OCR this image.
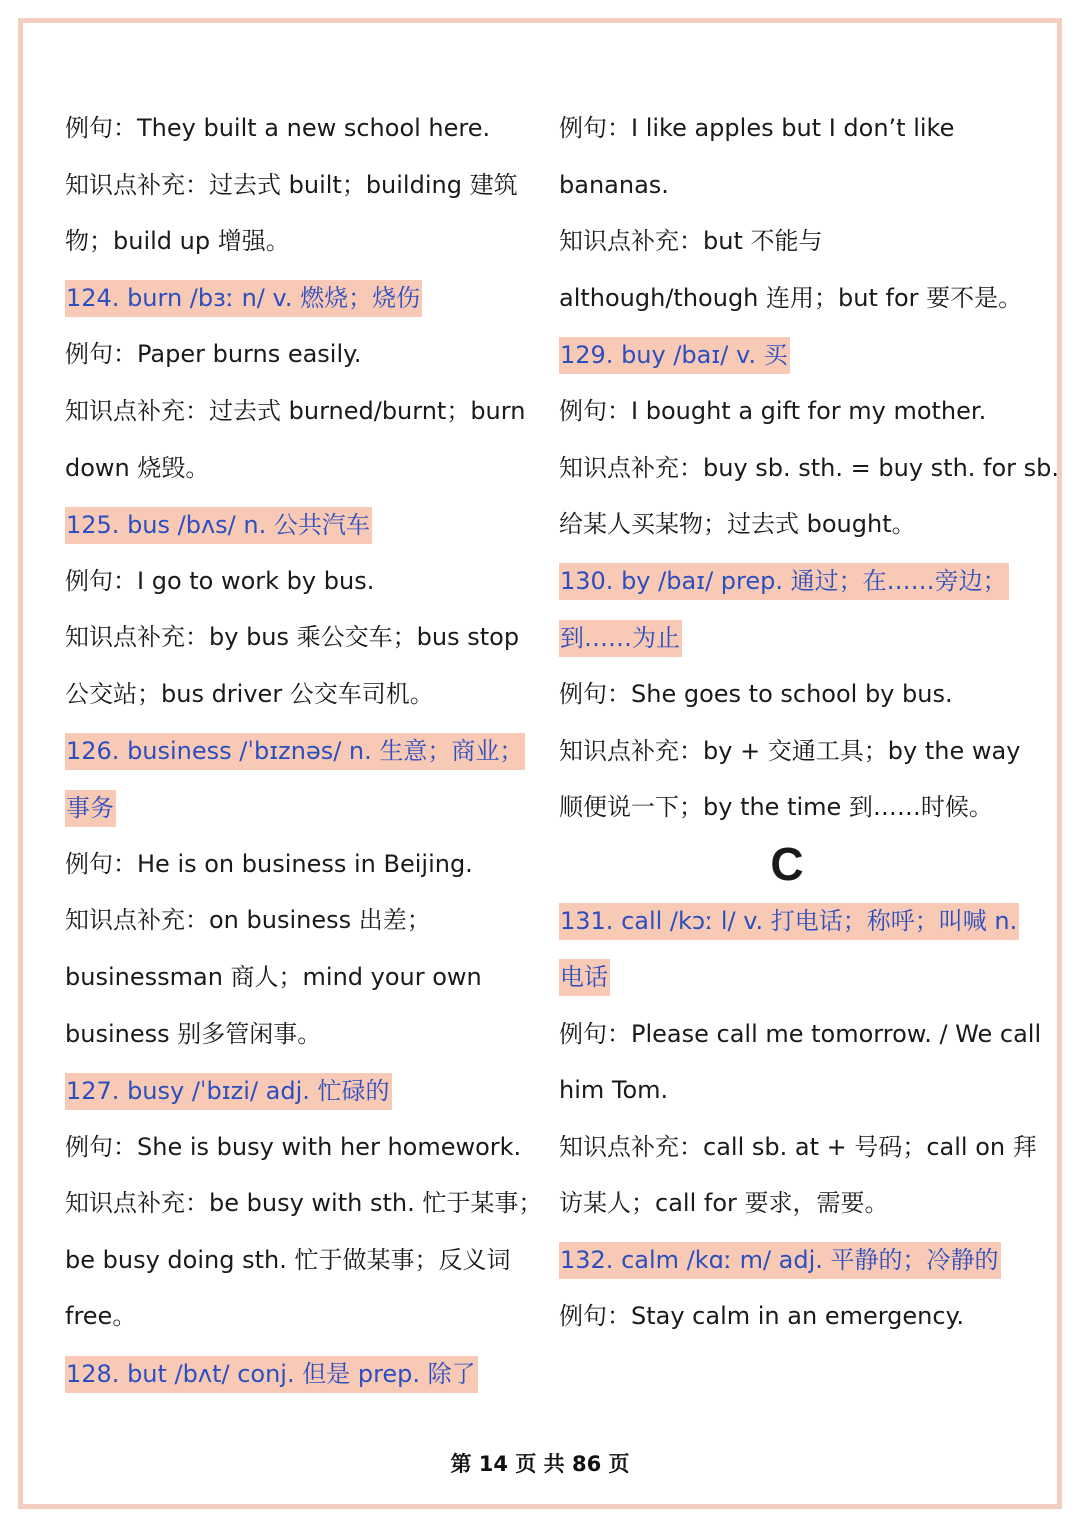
例句：They built a new school here.
知识点补充：过去式 built；building 建筑
物；build up 增强。
124. burn /bɜː n/ v. 燃烧；烧伤
例句：Paper burns easily.
知识点补充：过去式 burned/burnt；burn
down 烧毁。
125. bus /bʌs/ n. 公共汽车
例句：I go to work by bus.
知识点补充：by bus 乘公交车；bus stop
公交站；bus driver 公交车司机。
126. business /ˈbɪznəs/ n. 生意；商业；
事务
例句：He is on business in Beijing.
知识点补充：on business 出差；
businessman 商人；mind your own
business 别多管闲事。
127. busy /ˈbɪzi/ adj. 忙碌的
例句：She is busy with her homework.
知识点补充：be busy with sth. 忙于某事；
be busy doing sth. 忙于做某事；反义词
free。
128. but /bʌt/ conj. 但是 prep. 除了
例句：I like apples but I don’t like
bananas.
知识点补充：but 不能与
although/though 连用；but for 要不是。
129. buy /baɪ/ v. 买
例句：I bought a gift for my mother.
知识点补充：buy sb. sth. = buy sth. for sb.
给某人买某物；过去式 bought。
130. by /baɪ/ prep. 通过；在……旁边；
到……为止
例句：She goes to school by bus.
知识点补充：by + 交通工具；by the way
顺便说一下；by the time 到……时候。
C
131. call /kɔː l/ v. 打电话；称呼；叫喊 n.
电话
例句：Please call me tomorrow. / We call
him Tom.
知识点补充：call sb. at + 号码；call on 拜
访某人；call for 要求，需要。
132. calm /kɑː m/ adj. 平静的；冷静的
例句：Stay calm in an emergency.
第 14 页 共 86 页
